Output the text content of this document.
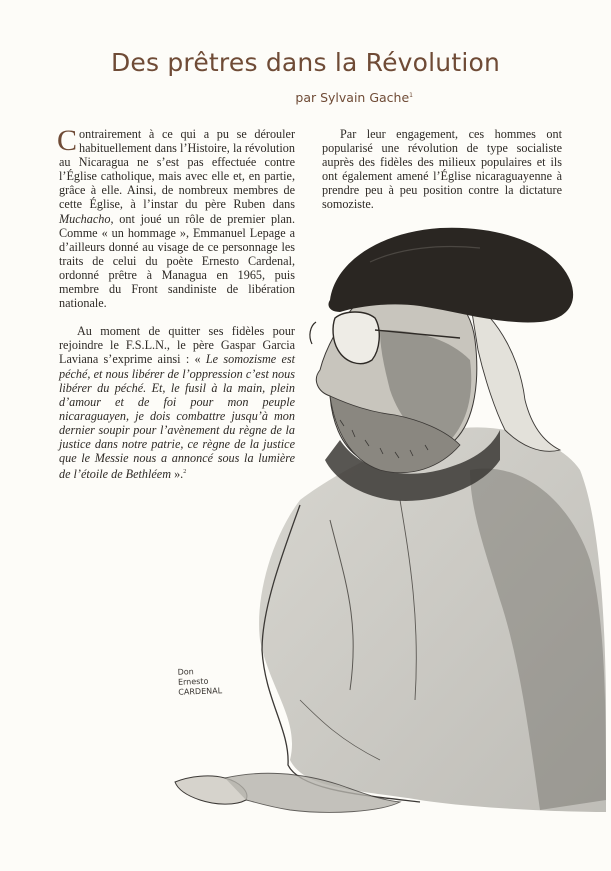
Des prêtres dans la Révolution
par Sylvain Gache$^1$

Contrairement à ce qui a pu se dérouler habituellement dans l’Histoire, la révolution au Nicaragua ne s’est pas effectuée contre l’Église catholique, mais avec elle et, en partie, grâce à elle. Ainsi, de nombreux membres de cette Église, à l’instar du père Ruben dans Muchacho, ont joué un rôle de premier plan. Comme « un hommage », Emmanuel Lepage a d’ailleurs donné au visage de ce personnage les traits de celui du poète Ernesto Cardenal, ordonné prêtre à Managua en 1965, puis membre du Front sandiniste de libération nationale.

Au moment de quitter ses fidèles pour rejoindre le F.S.L.N., le père Gaspar Garcia Laviana s’exprime ainsi : « Le somozisme est péché, et nous libérer de l’oppression c’est nous libérer du péché. Et, le fusil à la main, plein d’amour et de foi pour mon peuple nicaraguayen, je dois combattre jusqu’à mon dernier soupir pour l’avènement du règne de la justice dans notre patrie, ce règne de la justice que le Messie nous a annoncé sous la lumière de l’étoile de Bethléem ».$^2$

Par leur engagement, ces hommes ont popularisé une révolution de type socialiste auprès des fidèles des milieux populaires et ils ont également amené l’Église nicaraguayenne à prendre peu à peu position contre la dictature somoziste.

Don
Ernesto
CARDENAL
